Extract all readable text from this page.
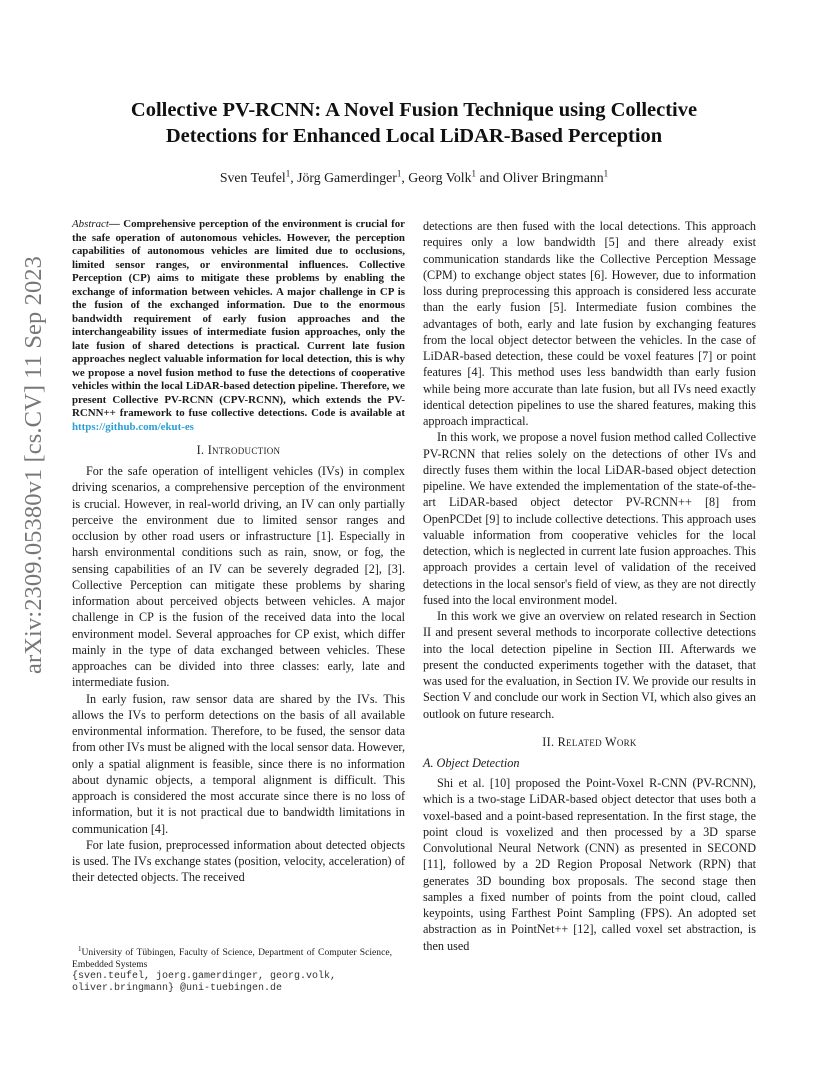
arXiv:2309.05380v1 [cs.CV] 11 Sep 2023
Collective PV-RCNN: A Novel Fusion Technique using Collective
Detections for Enhanced Local LiDAR-Based Perception
Sven Teufel$^1$, Jörg Gamerdinger$^1$, Georg Volk$^1$ and Oliver Bringmann$^1$

Abstract— Comprehensive perception of the environment is crucial for the safe operation of autonomous vehicles. However, the perception capabilities of autonomous vehicles are limited due to occlusions, limited sensor ranges, or environmental influences. Collective Perception (CP) aims to mitigate these problems by enabling the exchange of information between vehicles. A major challenge in CP is the fusion of the exchanged information. Due to the enormous bandwidth requirement of early fusion approaches and the interchangeability issues of intermediate fusion approaches, only the late fusion of shared detections is practical. Current late fusion approaches neglect valuable information for local detection, this is why we propose a novel fusion method to fuse the detections of cooperative vehicles within the local LiDAR-based detection pipeline. Therefore, we present Collective PV-RCNN (CPV-RCNN), which extends the PV-RCNN++ framework to fuse collective detections. Code is available at https://github.com/ekut-es

I. Introduction

For the safe operation of intelligent vehicles (IVs) in complex driving scenarios, a comprehensive perception of the environment is crucial. However, in real-world driving, an IV can only partially perceive the environment due to limited sensor ranges and occlusion by other road users or infrastructure [1]. Especially in harsh environmental conditions such as rain, snow, or fog, the sensing capabilities of an IV can be severely degraded [2], [3]. Collective Perception can mitigate these problems by sharing information about perceived objects between vehicles. A major challenge in CP is the fusion of the received data into the local environment model. Several approaches for CP exist, which differ mainly in the type of data exchanged between vehicles. These approaches can be divided into three classes: early, late and intermediate fusion.

In early fusion, raw sensor data are shared by the IVs. This allows the IVs to perform detections on the basis of all available environmental information. Therefore, to be fused, the sensor data from other IVs must be aligned with the local sensor data. However, only a spatial alignment is feasible, since there is no information about dynamic objects, a temporal alignment is difficult. This approach is considered the most accurate since there is no loss of information, but it is not practical due to bandwidth limitations in communication [4].

For late fusion, preprocessed information about detected objects is used. The IVs exchange states (position, velocity, acceleration) of their detected objects. The received

$^1$University of Tübingen, Faculty of Science, Department of Computer Science, Embedded Systems
{sven.teufel, joerg.gamerdinger, georg.volk,
oliver.bringmann} @uni-tuebingen.de

detections are then fused with the local detections. This approach requires only a low bandwidth [5] and there already exist communication standards like the Collective Perception Message (CPM) to exchange object states [6]. However, due to information loss during preprocessing this approach is considered less accurate than the early fusion [5]. Intermediate fusion combines the advantages of both, early and late fusion by exchanging features from the local object detector between the vehicles. In the case of LiDAR-based detection, these could be voxel features [7] or point features [4]. This method uses less bandwidth than early fusion while being more accurate than late fusion, but all IVs need exactly identical detection pipelines to use the shared features, making this approach impractical.

In this work, we propose a novel fusion method called Collective PV-RCNN that relies solely on the detections of other IVs and directly fuses them within the local LiDAR-based object detection pipeline. We have extended the implementation of the state-of-the-art LiDAR-based object detector PV-RCNN++ [8] from OpenPCDet [9] to include collective detections. This approach uses valuable information from cooperative vehicles for the local detection, which is neglected in current late fusion approaches. This approach provides a certain level of validation of the received detections in the local sensor's field of view, as they are not directly fused into the local environment model.

In this work we give an overview on related research in Section II and present several methods to incorporate collective detections into the local detection pipeline in Section III. Afterwards we present the conducted experiments together with the dataset, that was used for the evaluation, in Section IV. We provide our results in Section V and conclude our work in Section VI, which also gives an outlook on future research.

II. Related Work
A. Object Detection

Shi et al. [10] proposed the Point-Voxel R-CNN (PV-RCNN), which is a two-stage LiDAR-based object detector that uses both a voxel-based and a point-based representation. In the first stage, the point cloud is voxelized and then processed by a 3D sparse Convolutional Neural Network (CNN) as presented in SECOND [11], followed by a 2D Region Proposal Network (RPN) that generates 3D bounding box proposals. The second stage then samples a fixed number of points from the point cloud, called keypoints, using Farthest Point Sampling (FPS). An adopted set abstraction as in PointNet++ [12], called voxel set abstraction, is then used
